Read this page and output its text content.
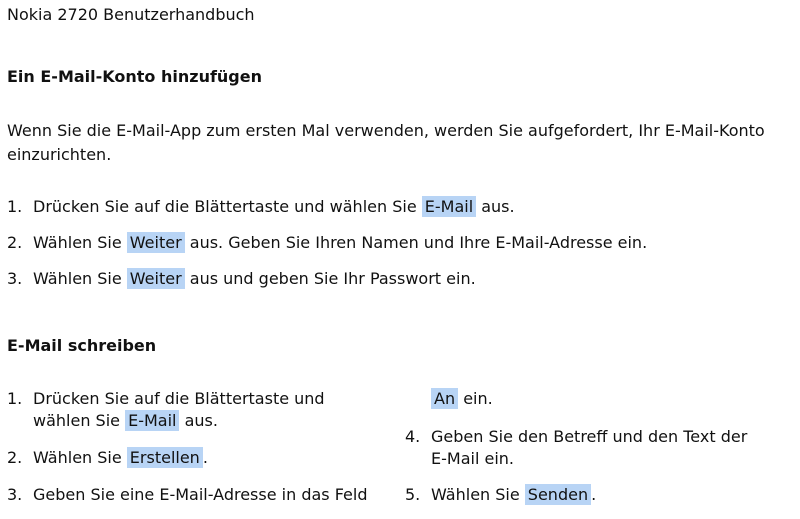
Nokia 2720 Benutzerhandbuch
Ein E-Mail-Konto hinzufügen
Wenn Sie die E-Mail-App zum ersten Mal verwenden, werden Sie aufgefordert, Ihr E-Mail-Konto einzurichten.
1. Drücken Sie auf die Blättertaste und wählen Sie E-Mail aus.
2. Wählen Sie Weiter aus. Geben Sie Ihren Namen und Ihre E-Mail-Adresse ein.
3. Wählen Sie Weiter aus und geben Sie Ihr Passwort ein.
E-Mail schreiben
1. Drücken Sie auf die Blättertaste und
wählen Sie E-Mail aus.
2. Wählen Sie Erstellen .
3. Geben Sie eine E-Mail-Adresse in das Feld
An ein.
4. Geben Sie den Betreff und den Text der
E-Mail ein.
5. Wählen Sie Senden .
